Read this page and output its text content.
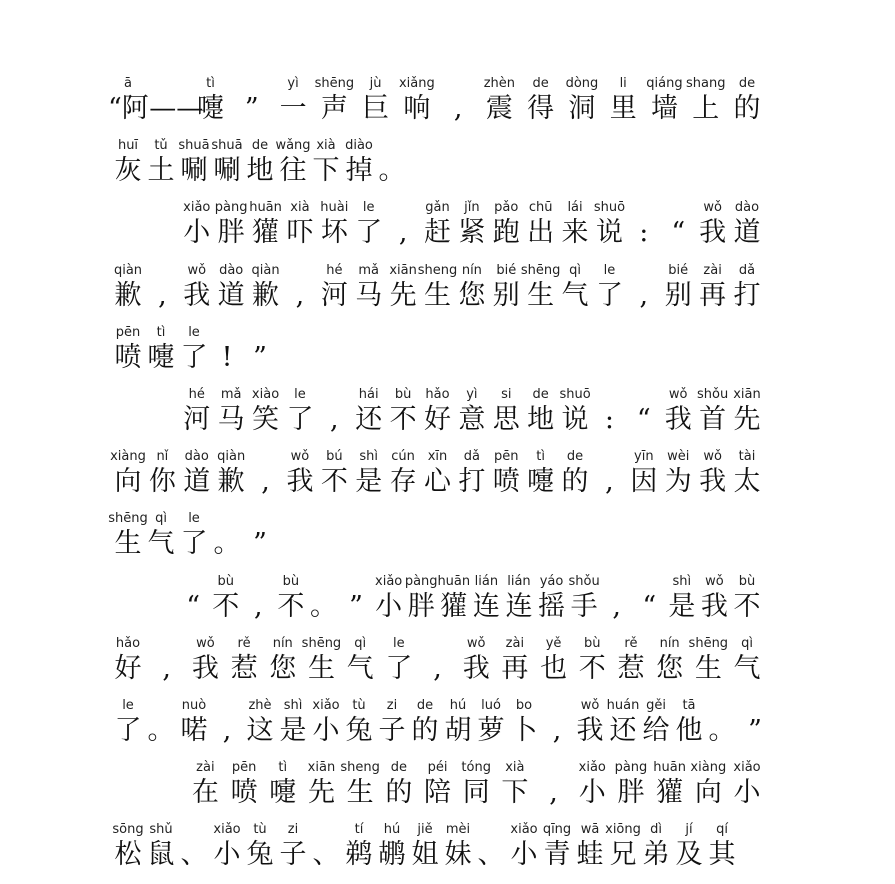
ā
“阿 ——
tì
嚏 ”
yì
一
shēng
声
jù
巨
xiǎng
响 ,
zhèn
震
de
得
dòng
洞
li
里
qiáng
墙
shang
上
de
的
huī
灰
tǔ
土
shuā
唰
shuā
唰
de
地
wǎng
往
xià
下
diào
掉 。
xiǎo
小
pàng
胖
huān
獾
xià
吓
huài
坏
le
了 ,
gǎn
赶
jǐn
紧
pǎo
跑
chū
出
lái
来
shuō
说 : “
wǒ
我
dào
道
qiàn
歉 ,
wǒ
我
dào
道
qiàn
歉 ,
hé
河
mǎ
马
xiān
先
sheng
生
nín
您
bié
别
shēng
生
qì
气
le
了 ,
bié
别
zài
再
dǎ
打
pēn
喷
tì
嚏
le
了 ! ”
hé
河
mǎ
马
xiào
笑
le
了 ,
hái
还
bù
不
hǎo
好
yì
意
si
思
de
地
shuō
说 : “
wǒ
我
shǒu
首
xiān
先
xiàng
向
nǐ
你
dào
道
qiàn
歉 ,
wǒ
我
bú
不
shì
是
cún
存
xīn
心
dǎ
打
pēn
喷
tì
嚏
de
的 ,
yīn
因
wèi
为
wǒ
我
tài
太
shēng
生
qì
气
le
了 。 ”
“
bù
不 ,
bù
不 。 ”
xiǎo
小
pàng
胖
huān
獾
lián
连
lián
连
yáo
摇
shǒu
手 , “
shì
是
wǒ
我
bù
不
hǎo
好 ,
wǒ
我
rě
惹
nín
您
shēng
生
qì
气
le
了 ,
wǒ
我
zài
再
yě
也
bù
不
rě
惹
nín
您
shēng
生
qì
气
le
了 。
nuò
喏 ,
zhè
这
shì
是
xiǎo
小
tù
兔
zi
子
de
的
hú
胡
luó
萝
bo
卜 ,
wǒ
我
huán
还
gěi
给
tā
他 。 ”
zài
在
pēn
喷
tì
嚏
xiān
先
sheng
生
de
的
péi
陪
tóng
同
xià
下 ,
xiǎo
小
pàng
胖
huān
獾
xiàng
向
xiǎo
小
sōng
松
shǔ
鼠 、
xiǎo
小
tù
兔
zi
子 、
tí
鹈
hú
鹕
jiě
姐
mèi
妹 、
xiǎo
小
qīng
青
wā
蛙
xiōng
兄
dì
弟
jí
及
qí
其
